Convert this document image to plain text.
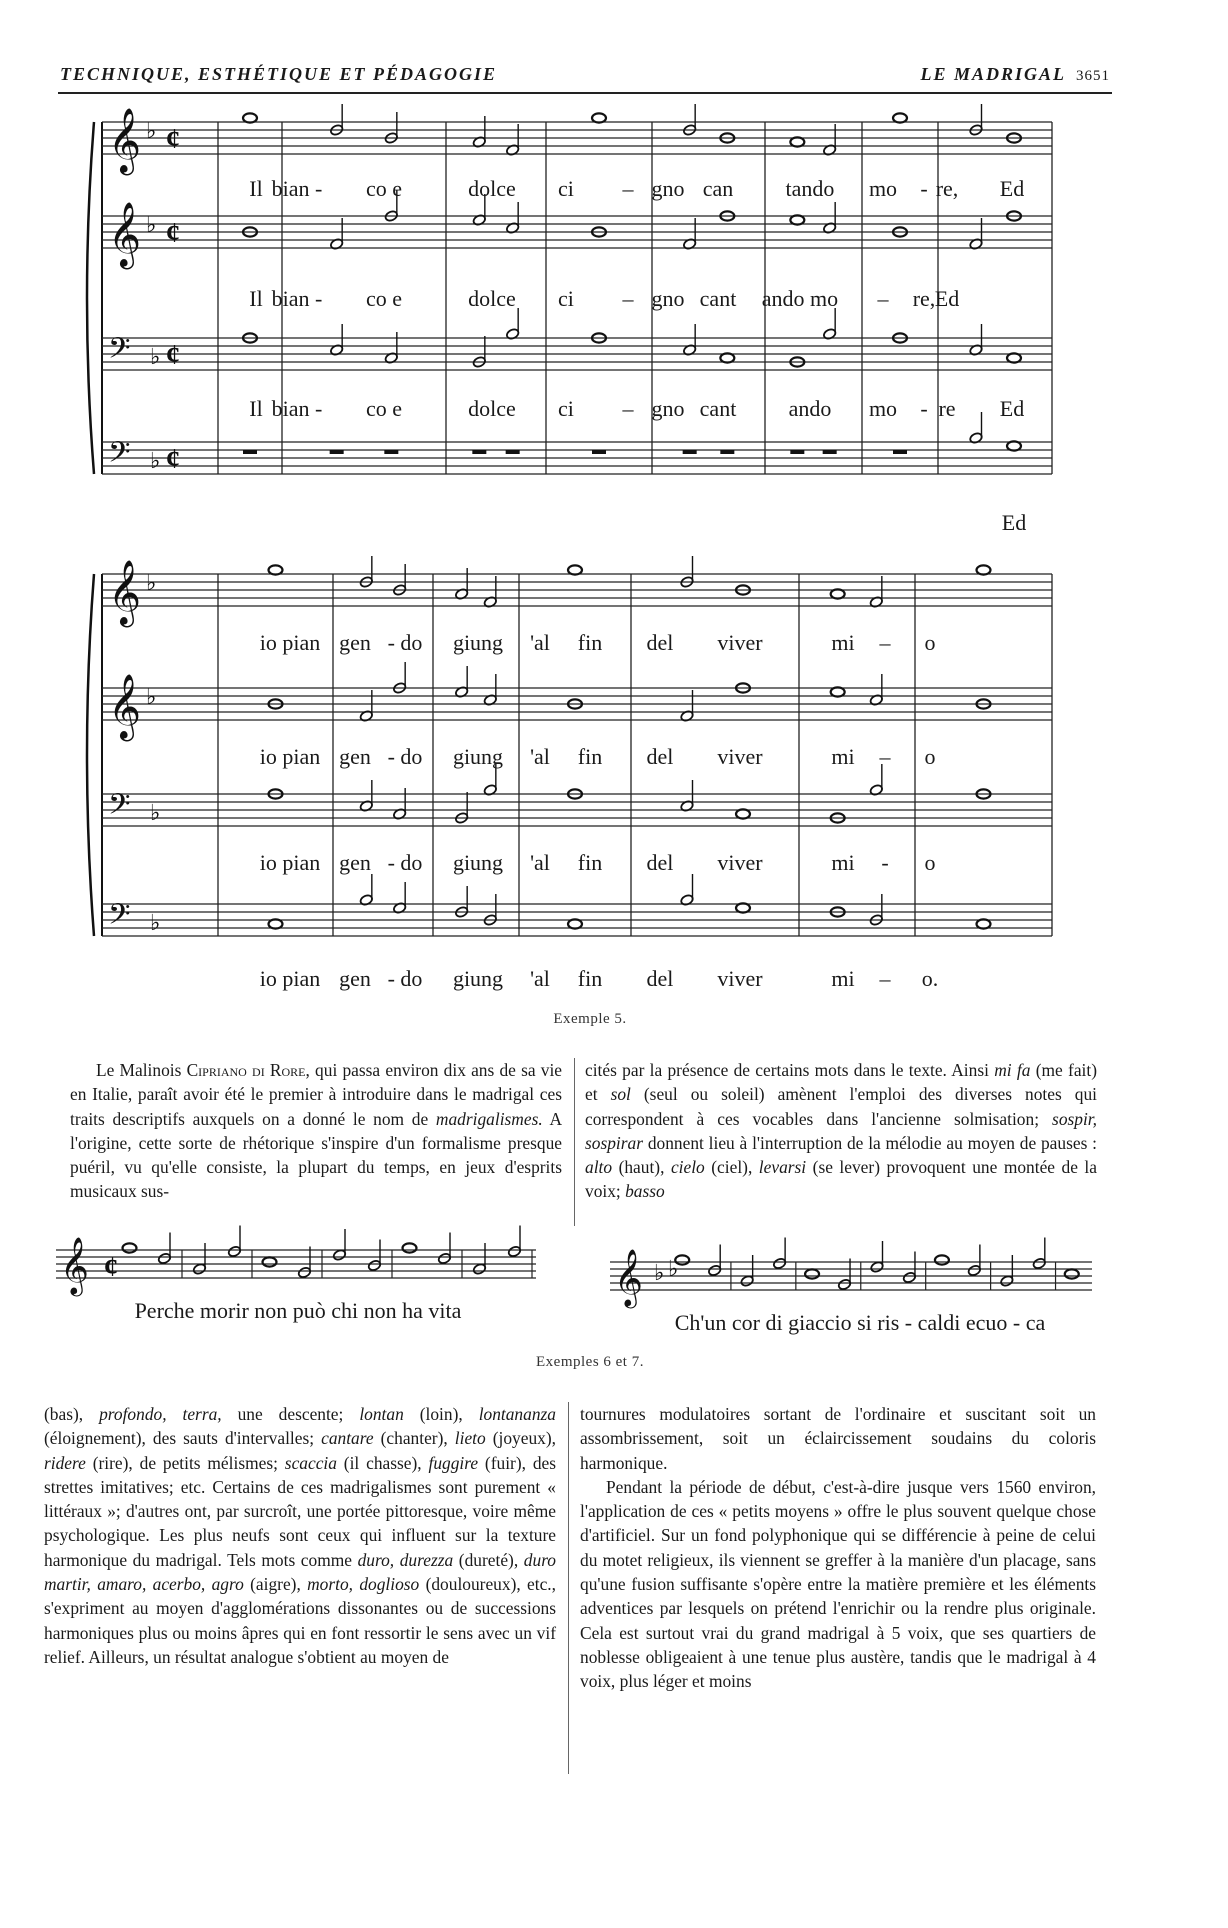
TECHNIQUE, ESTHÉTIQUE ET PÉDAGOGIE	LE MADRIGAL 3651
𝄞 ♭ ¢
𝄞 ♭ ¢
𝄢 ♭ ¢
𝄢 ♭ ¢
𝄞 ♭
𝄞 ♭
𝄢 ♭
𝄢 ♭
Il bian - co e	dolce ci – gno can tando mo - re, Ed
Il bian - co e	dolce ci – gno cant ando mo – re, Ed
Il bian - co e	dolce ci – gno cant ando mo - re Ed
Ed
io pian gen - do giung 'al fin del viver	mi – o
io pian gen - do giung 'al fin del viver	mi – o
io pian gen - do giung 'al fin del viver	mi - o
io pian gen - do giung 'al fin del viver	mi – o.
𝄞
Perche morir non può chi non ha vita
¢	𝄞
Ch'un cor di giaccio si ris - caldi ecuo - ca
♭ ♭
Exemple 5.
Exemples 6 et 7.

Le Malinois Cipriano di Rore, qui passa environ dix ans de sa vie en Italie, paraît avoir été le premier à introduire dans le madrigal ces traits descriptifs auxquels on a donné le nom de madrigalismes. A l'origine, cette sorte de rhétorique s'inspire d'un formalisme presque puéril, vu qu'elle consiste, la plupart du temps, en jeux d'esprits musicaux sus-

cités par la présence de certains mots dans le texte. Ainsi mi fa (me fait) et sol (seul ou soleil) amènent l'emploi des diverses notes qui correspondent à ces vocables dans l'ancienne solmisation; sospir, sospirar donnent lieu à l'interruption de la mélodie au moyen de pauses : alto (haut), cielo (ciel), levarsi (se lever) provoquent une montée de la voix; basso

(bas), profondo, terra, une descente; lontan (loin), lontananza (éloignement), des sauts d'intervalles; cantare (chanter), lieto (joyeux), ridere (rire), de petits mélismes; scaccia (il chasse), fuggire (fuir), des strettes imitatives; etc. Certains de ces madrigalismes sont purement « littéraux »; d'autres ont, par surcroît, une portée pittoresque, voire même psychologique. Les plus neufs sont ceux qui influent sur la texture harmonique du madrigal. Tels mots comme duro, durezza (dureté), duro martir, amaro, acerbo, agro (aigre), morto, doglioso (douloureux), etc., s'expriment au moyen d'agglomérations dissonantes ou de successions harmoniques plus ou moins âpres qui en font ressortir le sens avec un vif relief. Ailleurs, un résultat analogue s'obtient au moyen de

tournures modulatoires sortant de l'ordinaire et suscitant soit un assombrissement, soit un éclaircissement soudains du coloris harmonique.

Pendant la période de début, c'est-à-dire jusque vers 1560 environ, l'application de ces « petits moyens » offre le plus souvent quelque chose d'artificiel. Sur un fond polyphonique qui se différencie à peine de celui du motet religieux, ils viennent se greffer à la manière d'un placage, sans qu'une fusion suffisante s'opère entre la matière première et les éléments adventices par lesquels on prétend l'enrichir ou la rendre plus originale. Cela est surtout vrai du grand madrigal à 5 voix, que ses quartiers de noblesse obligeaient à une tenue plus austère, tandis que le madrigal à 4 voix, plus léger et moins
